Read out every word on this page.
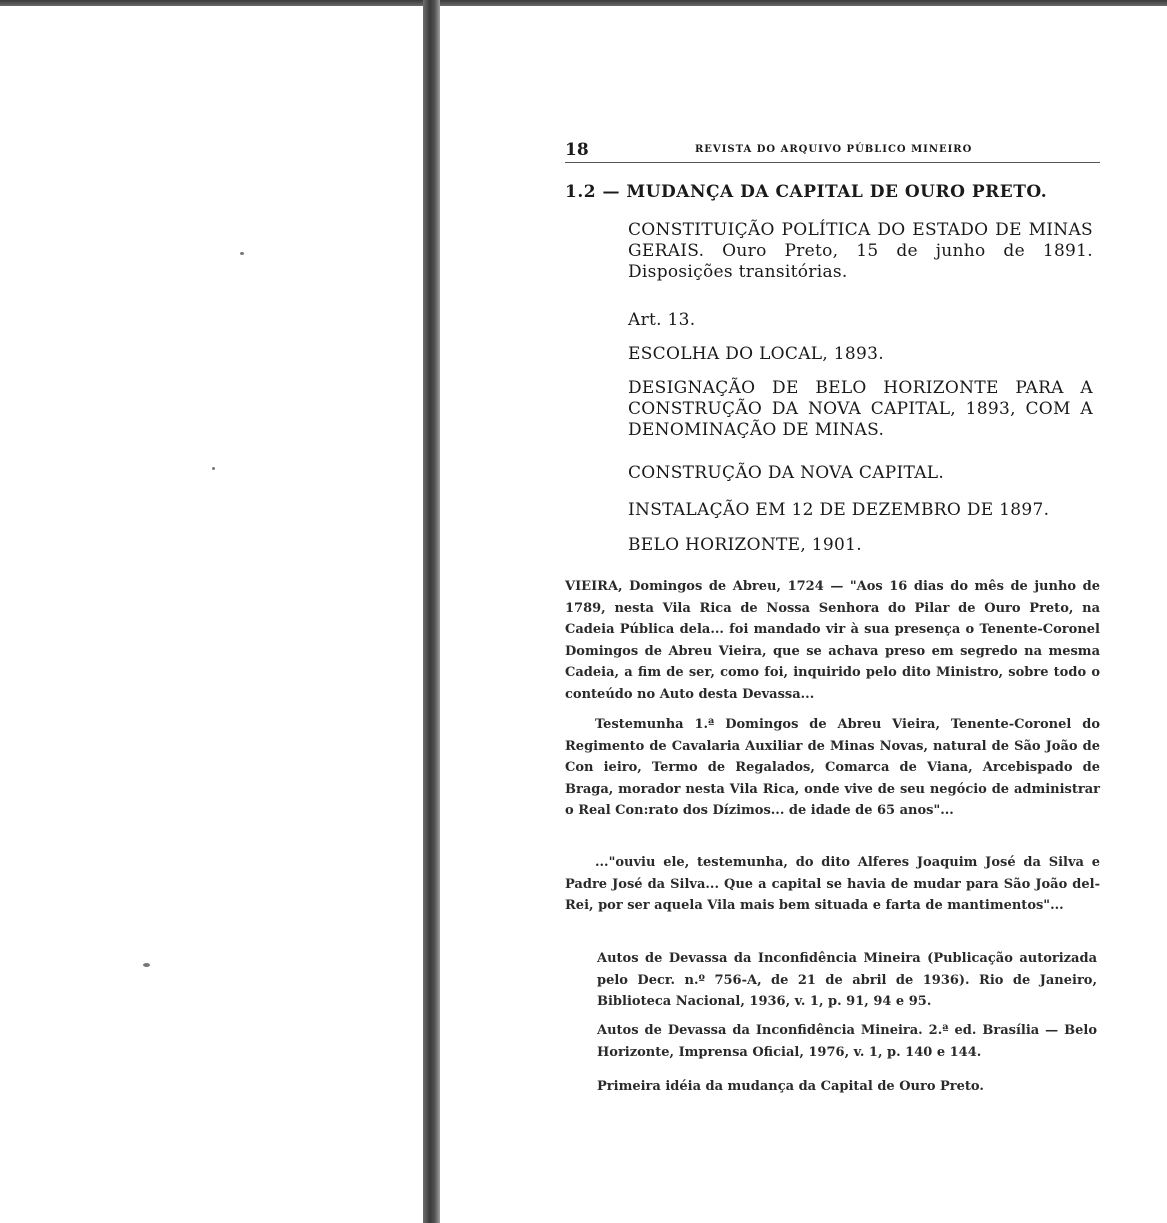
18	REVISTA DO ARQUIVO PÚBLICO MINEIRO
1.2 — MUDANÇA DA CAPITAL DE OURO PRETO.
CONSTITUIÇÃO POLÍTICA DO ESTADO DE MINAS GERAIS. Ouro Preto, 15 de junho de 1891. Disposições transitórias.
Art. 13.
ESCOLHA DO LOCAL, 1893.
DESIGNAÇÃO DE BELO HORIZONTE PARA A CONSTRUÇÃO DA NOVA CAPITAL, 1893, COM A DENOMINAÇÃO DE MINAS.
CONSTRUÇÃO DA NOVA CAPITAL.
INSTALAÇÃO EM 12 DE DEZEMBRO DE 1897.
BELO HORIZONTE, 1901.
VIEIRA, Domingos de Abreu, 1724 — "Aos 16 dias do mês de junho de 1789, nesta Vila Rica de Nossa Senhora do Pilar de Ouro Preto, na Cadeia Pública dela... foi mandado vir à sua presença o Tenente-Coronel Domingos de Abreu Vieira, que se achava preso em segredo na mesma Cadeia, a fim de ser, como foi, inquirido pelo dito Ministro, sobre todo o conteúdo no Auto desta Devassa...
Testemunha 1.ª Domingos de Abreu Vieira, Tenente-Coronel do Regimento de Cavalaria Auxiliar de Minas Novas, natural de São João de Con ieiro, Termo de Regalados, Comarca de Viana, Arcebispado de Braga, morador nesta Vila Rica, onde vive de seu negócio de administrar o Real Con:rato dos Dízimos... de idade de 65 anos"...
..."ouviu ele, testemunha, do dito Alferes Joaquim José da Silva e Padre José da Silva... Que a capital se havia de mudar para São João del-Rei, por ser aquela Vila mais bem situada e farta de mantimentos"...
Autos de Devassa da Inconfidência Mineira (Publicação autorizada pelo Decr. n.º 756-A, de 21 de abril de 1936). Rio de Janeiro, Biblioteca Nacional, 1936, v. 1, p. 91, 94 e 95.
Autos de Devassa da Inconfidência Mineira. 2.ª ed. Brasília — Belo Horizonte, Imprensa Oficial, 1976, v. 1, p. 140 e 144.
Primeira idéia da mudança da Capital de Ouro Preto.
